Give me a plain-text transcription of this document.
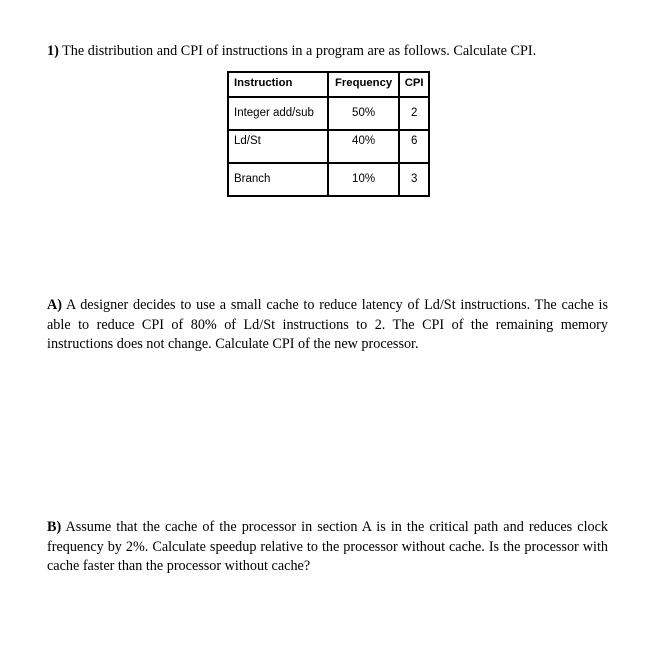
1) The distribution and CPI of instructions in a program are as follows. Calculate CPI.
Instruction	Frequency	CPI
Integer add/sub	50%	2
Ld/St	40%	6
Branch	10%	3
A) A designer decides to use a small cache to reduce latency of Ld/St instructions. The cache is able to reduce CPI of 80% of Ld/St instructions to 2. The CPI of the remaining memory instructions does not change. Calculate CPI of the new processor.
B) Assume that the cache of the processor in section A is in the critical path and reduces clock frequency by 2%. Calculate speedup relative to the processor without cache. Is the processor with cache faster than the processor without cache?
